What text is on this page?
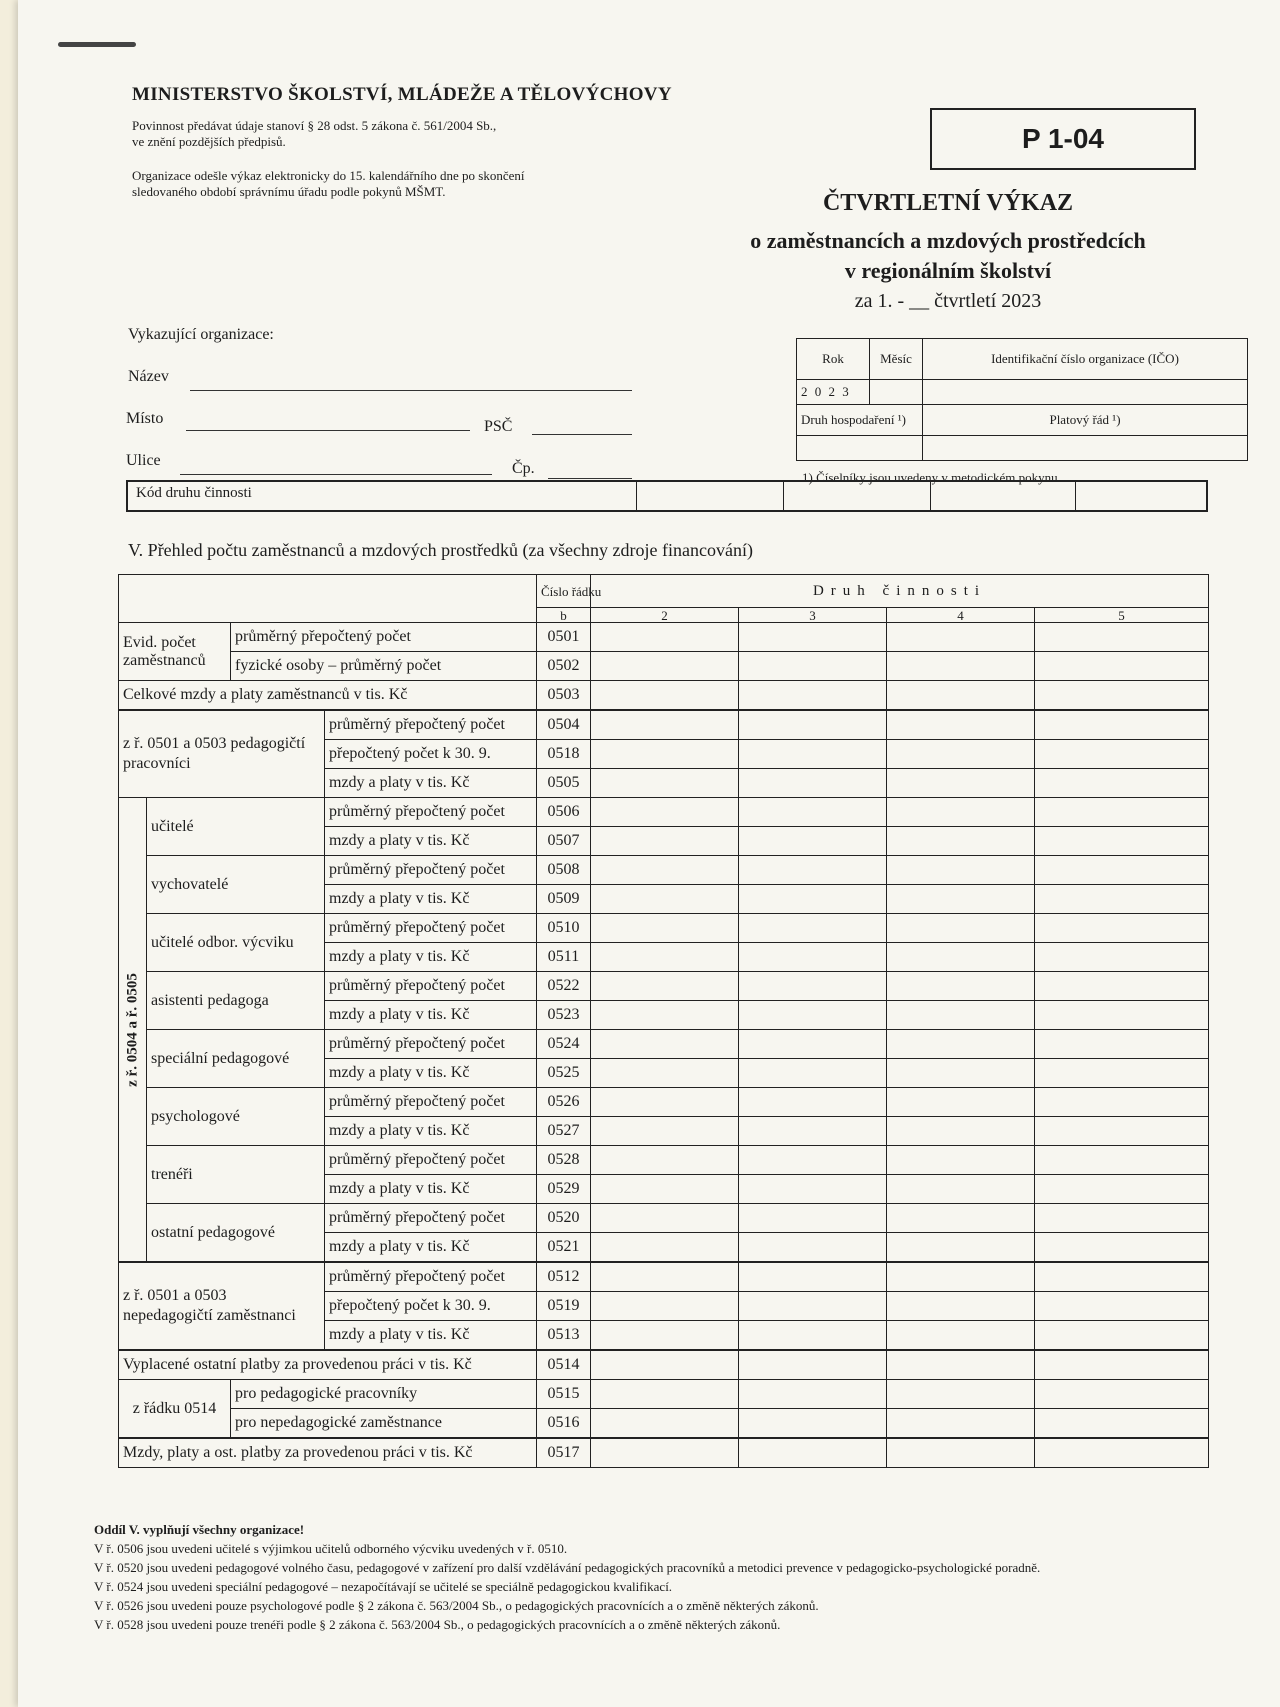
MINISTERSTVO ŠKOLSTVÍ, MLÁDEŽE A TĚLOVÝCHOVY
Povinnost předávat údaje stanoví § 28 odst. 5 zákona č. 561/2004 Sb.,
ve znění pozdějších předpisů.
Organizace odešle výkaz elektronicky do 15. kalendářního dne po skončení
sledovaného období správnímu úřadu podle pokynů MŠMT.
P 1-04
ČTVRTLETNÍ VÝKAZ
o zaměstnancích a mzdových prostředcích
v regionálním školství
za 1. - __ čtvrtletí 2023
Vykazující organizace:
Název
Místo	PSČ
Ulice	Čp.
Rok	Měsíc	Identifikační číslo organizace (IČO)
2 0 2 3		
Druh hospodaření ¹)		Platový řád ¹)

1) Číselníky jsou uvedeny v metodickém pokynu
Kód druhu činnosti
V. Přehled počtu zaměstnanců a mzdových prostředků (za všechny zdroje financování)
				Číslo řádku	Druh činnosti			
				b	2	3	4	5
Evid. počet zaměstnanců		průměrný přepočtený počet		0501				
		fyzické osoby – průměrný počet		0502				
Celkové mzdy a platy zaměstnanců v tis. Kč				0503				
z ř. 0501 a 0503 pedagogičtí pracovníci			průměrný přepočtený počet	0504				
			přepočtený počet k 30. 9.	0518				
			mzdy a platy v tis. Kč	0505				

z ř. 0504 a ř. 0505	učitelé		průměrný přepočtený počet	0506				
			mzdy a platy v tis. Kč	0507				
	vychovatelé		průměrný přepočtený počet	0508				
			mzdy a platy v tis. Kč	0509				
	učitelé odbor. výcviku		průměrný přepočtený počet	0510				
			mzdy a platy v tis. Kč	0511				
	asistenti pedagoga		průměrný přepočtený počet	0522				
			mzdy a platy v tis. Kč	0523				
	speciální pedagogové		průměrný přepočtený počet	0524				
			mzdy a platy v tis. Kč	0525				
	psychologové		průměrný přepočtený počet	0526				
			mzdy a platy v tis. Kč	0527				
	trenéři		průměrný přepočtený počet	0528				
			mzdy a platy v tis. Kč	0529				
	ostatní pedagogové		průměrný přepočtený počet	0520				
			mzdy a platy v tis. Kč	0521				
z ř. 0501 a 0503 nepedagogičtí zaměstnanci			průměrný přepočtený počet	0512				
			přepočtený počet k 30. 9.	0519				
			mzdy a platy v tis. Kč	0513				
Vyplacené ostatní platby za provedenou práci v tis. Kč				0514				
z řádku 0514		pro pedagogické pracovníky		0515				
		pro nepedagogické zaměstnance		0516				
Mzdy, platy a ost. platby za provedenou práci v tis. Kč				0517				

Oddíl V. vyplňují všechny organizace!

V ř. 0506 jsou uvedeni učitelé s výjimkou učitelů odborného výcviku uvedených v ř. 0510.

V ř. 0520 jsou uvedeni pedagogové volného času, pedagogové v zařízení pro další vzdělávání pedagogických pracovníků a metodici prevence v pedagogicko-psychologické poradně.

V ř. 0524 jsou uvedeni speciální pedagogové – nezapočítávají se učitelé se speciálně pedagogickou kvalifikací.

V ř. 0526 jsou uvedeni pouze psychologové podle § 2 zákona č. 563/2004 Sb., o pedagogických pracovnících a o změně některých zákonů.

V ř. 0528 jsou uvedeni pouze trenéři podle § 2 zákona č. 563/2004 Sb., o pedagogických pracovnících a o změně některých zákonů.
